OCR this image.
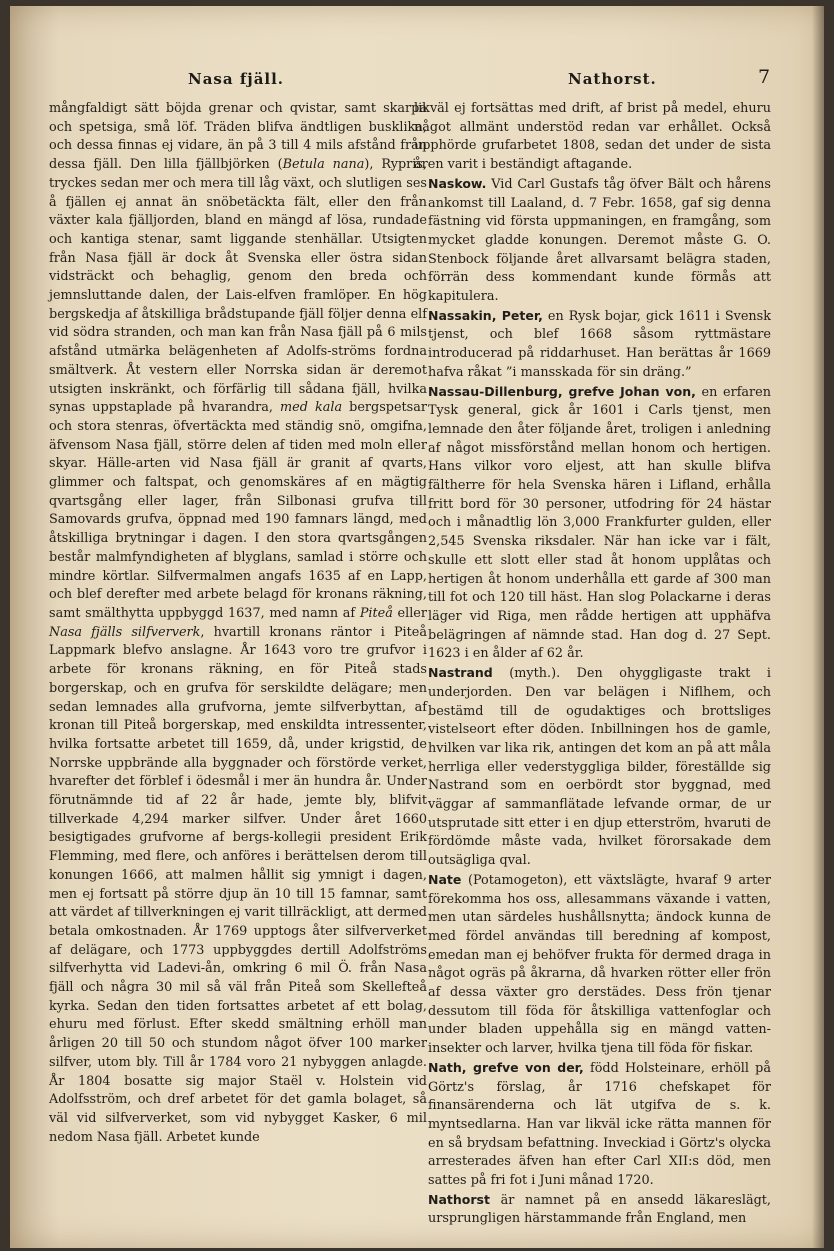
Nasa fjäll.	Nathorst.	7

mångfaldigt sätt böjda grenar och qvistar, samt skarpa och spetsiga, små löf. Träden blifva ändtligen busklika, och dessa finnas ej vidare, än på 3 till 4 mils afstånd från dessa fjäll. Den lilla fjällbjörken (Betula nana), Rypris, tryckes sedan mer och mera till låg växt, och slutligen ses å fjällen ej annat än snöbetäckta fält, eller den från växter kala fjälljorden, bland en mängd af lösa, rundade och kantiga stenar, samt liggande stenhällar. Utsigten från Nasa fjäll är dock åt Svenska eller östra sidan vidsträckt och behaglig, genom den breda och jemnsluttande dalen, der Lais-elfven framlöper. En hög bergskedja af åtskilliga brådstupande fjäll följer denna elf vid södra stranden, och man kan från Nasa fjäll på 6 mils afstånd utmärka belägenheten af Adolfs-ströms fordna smältverk. Åt vestern eller Norrska sidan är deremot utsigten inskränkt, och förfärlig till sådana fjäll, hvilka synas uppstaplade på hvarandra, med kala bergspetsar och stora stenras, öfvertäckta med ständig snö, omgifna, äfvensom Nasa fjäll, större delen af tiden med moln eller skyar. Hälle-arten vid Nasa fjäll är granit af qvarts, glimmer och faltspat, och genomskäres af en mägtig qvartsgång eller lager, från Silbonasi grufva till Samovards grufva, öppnad med 190 famnars längd, med åtskilliga brytningar i dagen. I den stora qvartsgången består malmfyndigheten af blyglans, samlad i större och mindre körtlar. Silfvermalmen angafs 1635 af en Lapp, och blef derefter med arbete belagd för kronans räkning, samt smälthytta uppbyggd 1637, med namn af Piteå eller Nasa fjälls silfververk, hvartill kronans räntor i Piteå Lappmark blefvo anslagne. År 1643 voro tre grufvor i arbete för kronans räkning, en för Piteå stads borgerskap, och en grufva för serskildte delägare; men sedan lemnades alla grufvorna, jemte silfverbyttan, af kronan till Piteå borgerskap, med enskildta intressenter, hvilka fortsatte arbetet till 1659, då, under krigstid, de Norrske uppbrände alla byggnader och förstörde verket, hvarefter det förblef i ödesmål i mer än hundra år. Under förutnämnde tid af 22 år hade, jemte bly, blifvit tillverkade 4,294 marker silfver. Under året 1660 besigtigades grufvorne af bergs-kollegii president Erik Flemming, med flere, och anföres i berättelsen derom till konungen 1666, att malmen hållit sig ymnigt i dagen, men ej fortsatt på större djup än 10 till 15 famnar, samt att värdet af tillverkningen ej varit tillräckligt, att dermed betala omkostnaden. År 1769 upptogs åter silfververket af delägare, och 1773 uppbyggdes dertill Adolfströms silfverhytta vid Ladevi-ån, omkring 6 mil Ö. från Nasa fjäll och några 30 mil så väl från Piteå som Skellefteå kyrka. Sedan den tiden fortsattes arbetet af ett bolag, ehuru med förlust. Efter skedd smältning erhöll man årligen 20 till 50 och stundom något öfver 100 marker silfver, utom bly. Till år 1784 voro 21 nybyggen anlagde. År 1804 bosatte sig major Staël v. Holstein vid Adolfsström, och dref arbetet för det gamla bolaget, så väl vid silfververket, som vid nybygget Kasker, 6 mil nedom Nasa fjäll. Arbetet kunde

likväl ej fortsättas med drift, af brist på medel, ehuru något allmänt understöd redan var erhållet. Också upphörde grufarbetet 1808, sedan det under de sista åren varit i beständigt aftagande.

Naskow. Vid Carl Gustafs tåg öfver Bält och hårens ankomst till Laaland, d. 7 Febr. 1658, gaf sig denna fästning vid första uppmaningen, en framgång, som mycket gladde konungen. Deremot måste G. O. Stenbock följande året allvarsamt belägra staden, förrän dess kommendant kunde förmås att kapitulera.

Nassakin, Peter, en Rysk bojar, gick 1611 i Svensk tjenst, och blef 1668 såsom ryttmästare introducerad på riddarhuset. Han berättas år 1669 hafva råkat ”i mansskada för sin dräng.”

Nassau-Dillenburg, grefve Johan von, en erfaren Tysk general, gick år 1601 i Carls tjenst, men lemnade den åter följande året, troligen i anledning af något missförstånd mellan honom och hertigen. Hans vilkor voro eljest, att han skulle blifva fältherre för hela Svenska hären i Lifland, erhålla fritt bord för 30 personer, utfodring för 24 hästar och i månadtlig lön 3,000 Frankfurter gulden, eller 2,545 Svenska riksdaler. När han icke var i fält, skulle ett slott eller stad åt honom upplåtas och hertigen åt honom underhålla ett garde af 300 man till fot och 120 till häst. Han slog Polackarne i deras läger vid Riga, men rådde hertigen att upphäfva belägringen af nämnde stad. Han dog d. 27 Sept. 1623 i en ålder af 62 år.

Nastrand (myth.). Den ohyggligaste trakt i underjorden. Den var belägen i Niflhem, och bestämd till de ogudaktiges och brottsliges vistelseort efter döden. Inbillningen hos de gamle, hvilken var lika rik, antingen det kom an på att måla herrliga eller vederstyggliga bilder, föreställde sig Nastrand som en oerbördt stor byggnad, med väggar af sammanflätade lefvande ormar, de ur utsprutade sitt etter i en djup etterström, hvaruti de fördömde måste vada, hvilket förorsakade dem outsägliga qval.

Nate (Potamogeton), ett växtslägte, hvaraf 9 arter förekomma hos oss, allesammans växande i vatten, men utan särdeles hushållsnytta; ändock kunna de med fördel användas till beredning af kompost, emedan man ej behöfver frukta för dermed draga in något ogräs på åkrarna, då hvarken rötter eller frön af dessa växter gro derstädes. Dess frön tjenar dessutom till föda för åtskilliga vattenfoglar och under bladen uppehålla sig en mängd vatten-insekter och larver, hvilka tjena till föda för fiskar.

Nath, grefve von der, född Holsteinare, erhöll på Görtz's förslag, år 1716 chefskapet för finansärenderna och lät utgifva de s. k. myntsedlarna. Han var likväl icke rätta mannen för en så brydsam befattning. Inveckiad i Görtz's olycka arresterades äfven han efter Carl XII:s död, men sattes på fri fot i Juni månad 1720.

Nathorst är namnet på en ansedd läkareslägt, ursprungligen härstammande från England, men
